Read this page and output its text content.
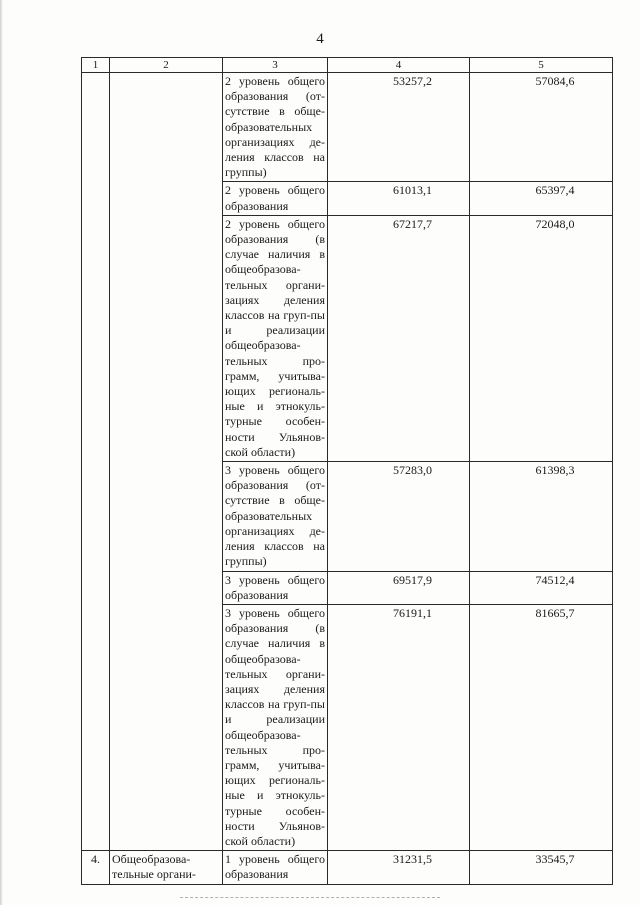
4
1	2	3	4	5
		2 уровень общего образования (от-сутствие в обще-образовательных организациях де-ления классов на группы)	53257,2	57084,6
		2 уровень общего образования	61013,1	65397,4
		2 уровень общего образования (в случае наличия в общеобразова-тельных органи-зациях деления классов на груп-пы и реализации общеобразова-тельных про-грамм, учитыва-ющих региональ-ные и этнокуль-турные особен-ности Ульянов-ской области)	67217,7	72048,0
		3 уровень общего образования (от-сутствие в обще-образовательных организациях де-ления классов на группы)	57283,0	61398,3
		3 уровень общего образования	69517,9	74512,4
		3 уровень общего образования (в случае наличия в общеобразова-тельных органи-зациях деления классов на груп-пы и реализации общеобразова-тельных про-грамм, учитыва-ющих региональ-ные и этнокуль-турные особен-ности Ульянов-ской области)	76191,1	81665,7
4.	Общеобразова-тельные органи-	1 уровень общего образования	31231,5	33545,7
